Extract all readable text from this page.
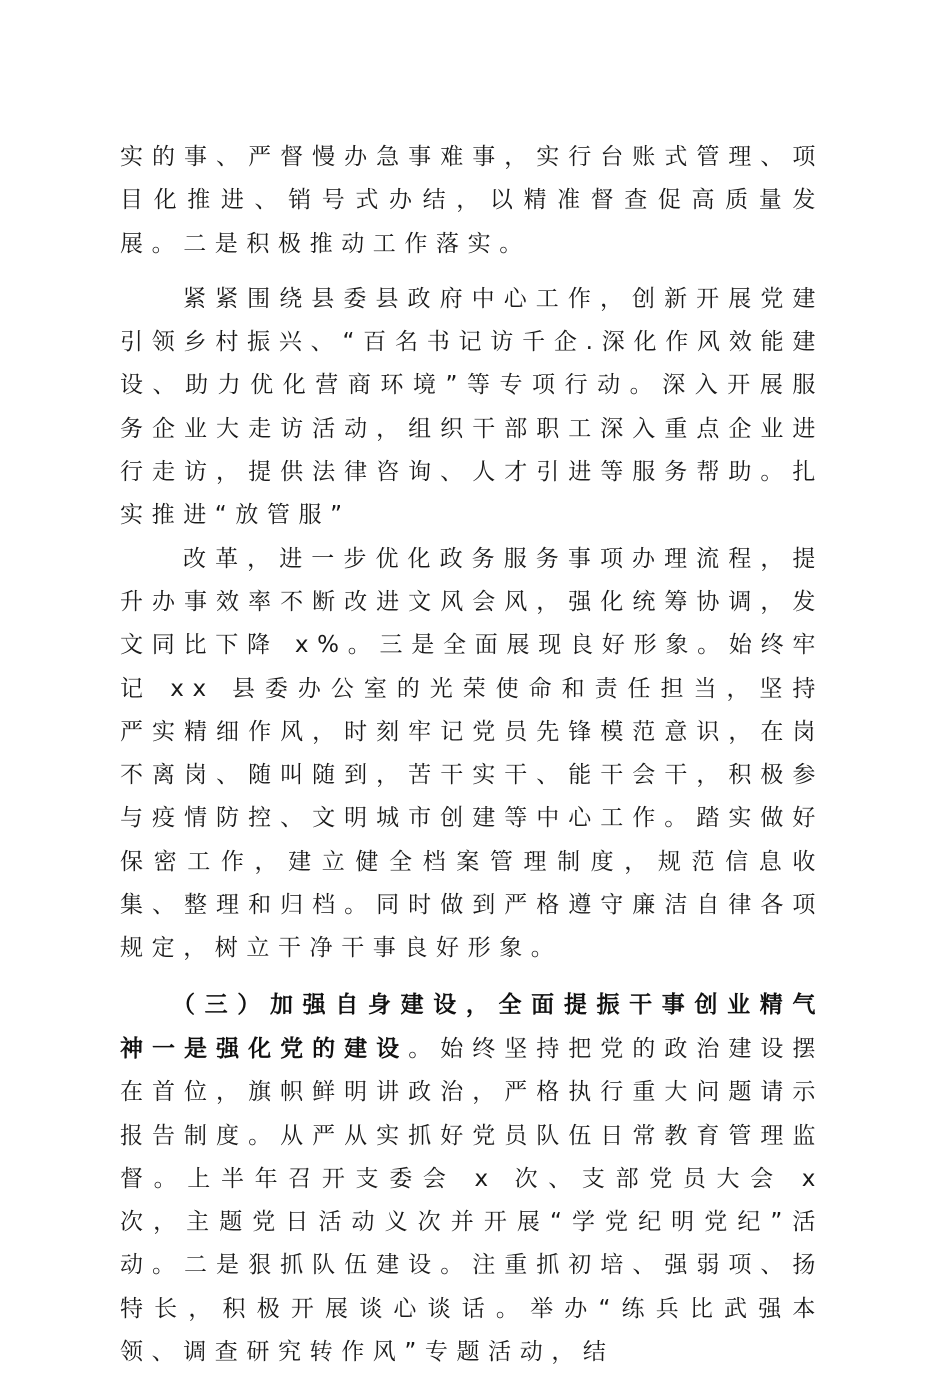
实的事、严督慢办急事难事，实行台账式管理、项目化推进、销号式办结，以精准督查促高质量发展。二是积极推动工作落实。

紧紧围绕县委县政府中心工作，创新开展党建引领乡村振兴、“百名书记访千企.深化作风效能建设、助力优化营商环境”等专项行动。深入开展服务企业大走访活动，组织干部职工深入重点企业进行走访，提供法律咨询、人才引进等服务帮助。扎实推进“放管服”

改革，进一步优化政务服务事项办理流程，提升办事效率不断改进文风会风，强化统筹协调，发文同比下降 x%。三是全面展现良好形象。始终牢记 xx 县委办公室的光荣使命和责任担当，坚持严实精细作风，时刻牢记党员先锋模范意识，在岗不离岗、随叫随到，苦干实干、能干会干，积极参与疫情防控、文明城市创建等中心工作。踏实做好保密工作，建立健全档案管理制度，规范信息收集、整理和归档。同时做到严格遵守廉洁自律各项规定，树立干净干事良好形象。

（三）加强自身建设，全面提振干事创业精气神一是强化党的建设。始终坚持把党的政治建设摆在首位，旗帜鲜明讲政治，严格执行重大问题请示报告制度。从严从实抓好党员队伍日常教育管理监督。上半年召开支委会 x 次、支部党员大会 x次，主题党日活动义次并开展“学党纪明党纪”活动。二是狠抓队伍建设。注重抓初培、强弱项、扬特长，积极开展谈心谈话。举办“练兵比武强本领、调查研究转作风”专题活动，结
